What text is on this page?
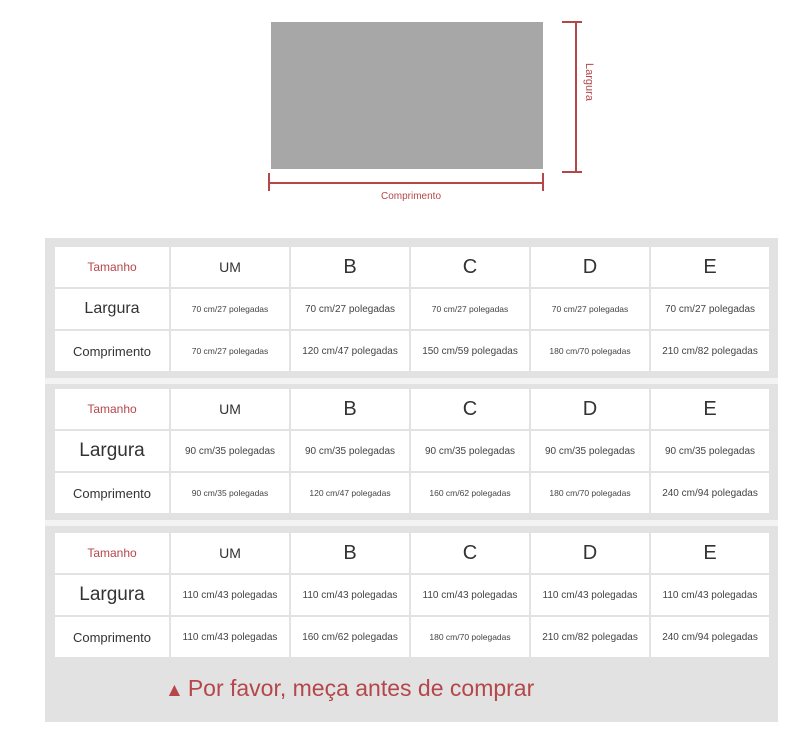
Comprimento
Largura
Tamanho	UM	B	C	D	E
Largura	70 cm/27 polegadas	70 cm/27 polegadas	70 cm/27 polegadas	70 cm/27 polegadas	70 cm/27 polegadas
Comprimento	70 cm/27 polegadas	120 cm/47 polegadas	150 cm/59 polegadas	180 cm/70 polegadas	210 cm/82 polegadas
Tamanho	UM	B	C	D	E
Largura	90 cm/35 polegadas	90 cm/35 polegadas	90 cm/35 polegadas	90 cm/35 polegadas	90 cm/35 polegadas
Comprimento	90 cm/35 polegadas	120 cm/47 polegadas	160 cm/62 polegadas	180 cm/70 polegadas	240 cm/94 polegadas
Tamanho	UM	B	C	D	E
Largura	110 cm/43 polegadas	110 cm/43 polegadas	110 cm/43 polegadas	110 cm/43 polegadas	110 cm/43 polegadas
Comprimento	110 cm/43 polegadas	160 cm/62 polegadas	180 cm/70 polegadas	210 cm/82 polegadas	240 cm/94 polegadas
▲ Por favor, meça antes de comprar
